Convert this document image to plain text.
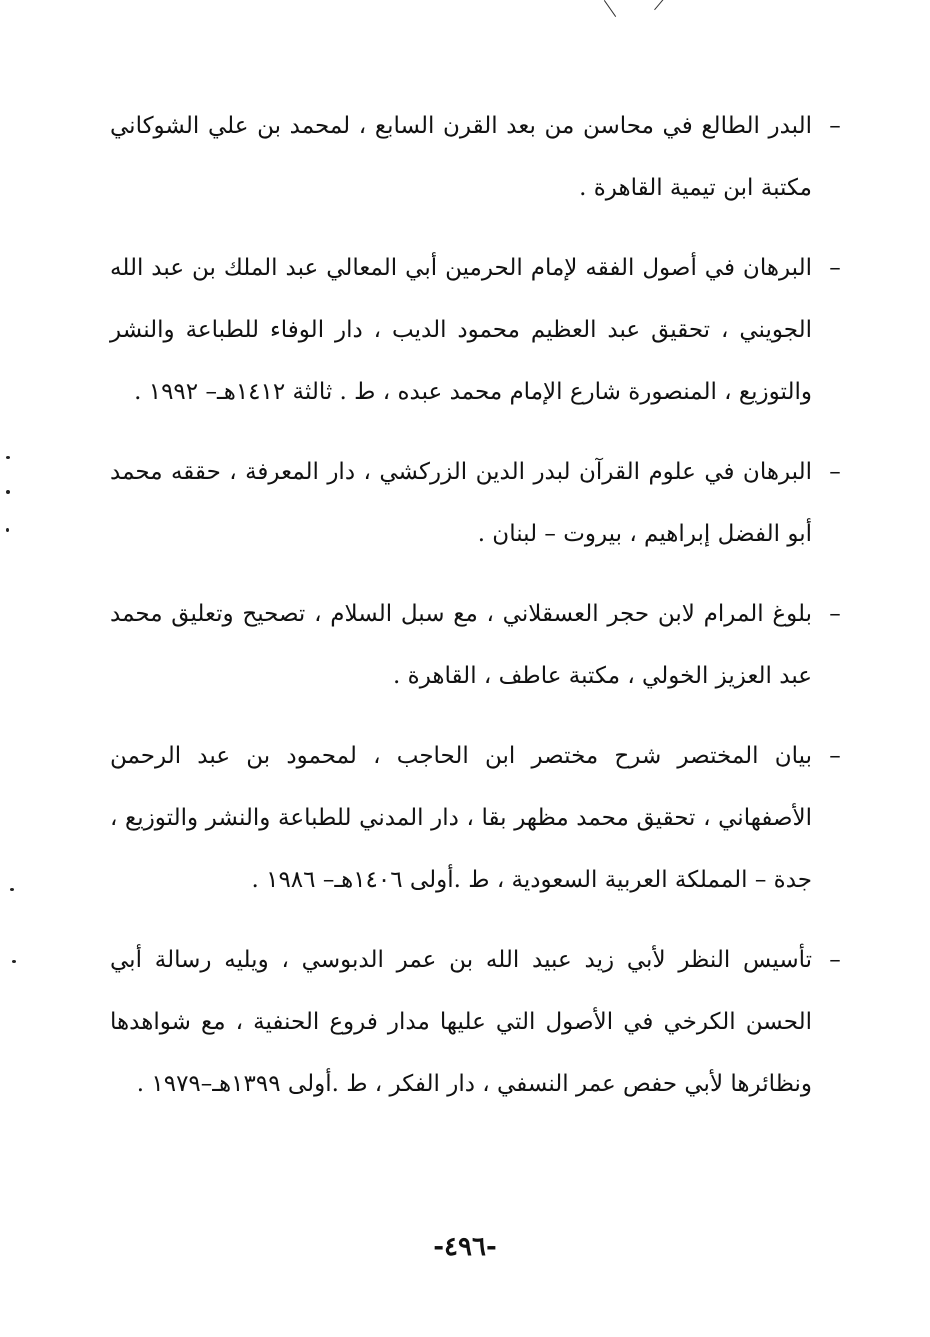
–
البدر الطالع في محاسن من بعد القرن السابع ، لمحمد بن علي الشوكاني مكتبة ابن تيمية القاهرة .
–
البرهان في أصول الفقه لإمام الحرمين أبي المعالي عبد الملك بن عبد الله الجويني ، تحقيق عبد العظيم محمود الديب ، دار الوفاء للطباعة والنشر والتوزيع ، المنصورة شارع الإمام محمد عبده ، ط . ثالثة ١٤١٢هـ– ١٩٩٢ .
–
البرهان في علوم القرآن لبدر الدين الزركشي ، دار المعرفة ، حققه محمد أبو الفضل إبراهيم ، بيروت – لبنان .
–
بلوغ المرام لابن حجر العسقلاني ، مع سبل السلام ، تصحيح وتعليق محمد عبد العزيز الخولي ، مكتبة عاطف ، القاهرة .
–
بيان المختصر شرح مختصر ابن الحاجب ، لمحمود بن عبد الرحمن الأصفهاني ، تحقيق محمد مظهر بقا ، دار المدني للطباعة والنشر والتوزيع ، جدة – المملكة العربية السعودية ، ط .أولى ١٤٠٦هـ– ١٩٨٦ .
–
تأسيس النظر لأبي زيد عبيد الله بن عمر الدبوسي ، ويليه رسالة أبي الحسن الكرخي في الأصول التي عليها مدار فروع الحنفية ، مع شواهدها ونظائرها لأبي حفص عمر النسفي ، دار الفكر ، ط .أولى ١٣٩٩هـ–١٩٧٩ .
-٤٩٦-
